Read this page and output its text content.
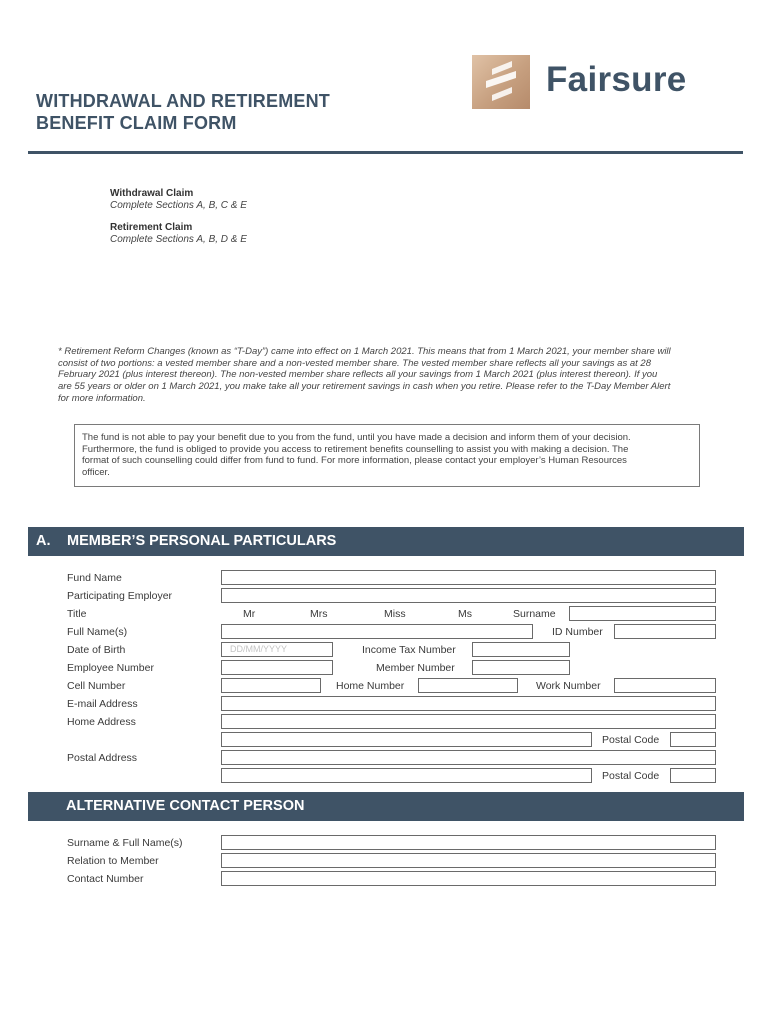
WITHDRAWAL AND RETIREMENT
BENEFIT CLAIM FORM
Fairsure
Withdrawal Claim
Complete Sections A, B, C & E
Retirement Claim
Complete Sections A, B, D & E
* Retirement Reform Changes (known as “T-Day”) came into effect on 1 March 2021. This means that from 1 March 2021, your member share will
consist of two portions: a vested member share and a non-vested member share. The vested member share reflects all your savings as at 28
February 2021 (plus interest thereon). The non-vested member share reflects all your savings from 1 March 2021 (plus interest thereon). If you
are 55 years or older on 1 March 2021, you make take all your retirement savings in cash when you retire. Please refer to the T-Day Member Alert
for more information.
The fund is not able to pay your benefit due to you from the fund, until you have made a decision and inform them of your decision.
Furthermore, the fund is obliged to provide you access to retirement benefits counselling to assist you with making a decision. The
format of such counselling could differ from fund to fund. For more information, please contact your employer’s Human Resources
officer.
A. MEMBER’S PERSONAL PARTICULARS
Fund Name
Participating Employer
Title	Mr	Mrs	Miss	Ms	Surname
Full Name(s)	ID Number
Date of Birth	DD/MM/YYYY	Income Tax Number
Employee Number	Member Number
Cell Number	Home Number	Work Number
E-mail Address
Home Address
Postal Code
Postal Address
Postal Code
ALTERNATIVE CONTACT PERSON
Surname & Full Name(s)
Relation to Member
Contact Number
